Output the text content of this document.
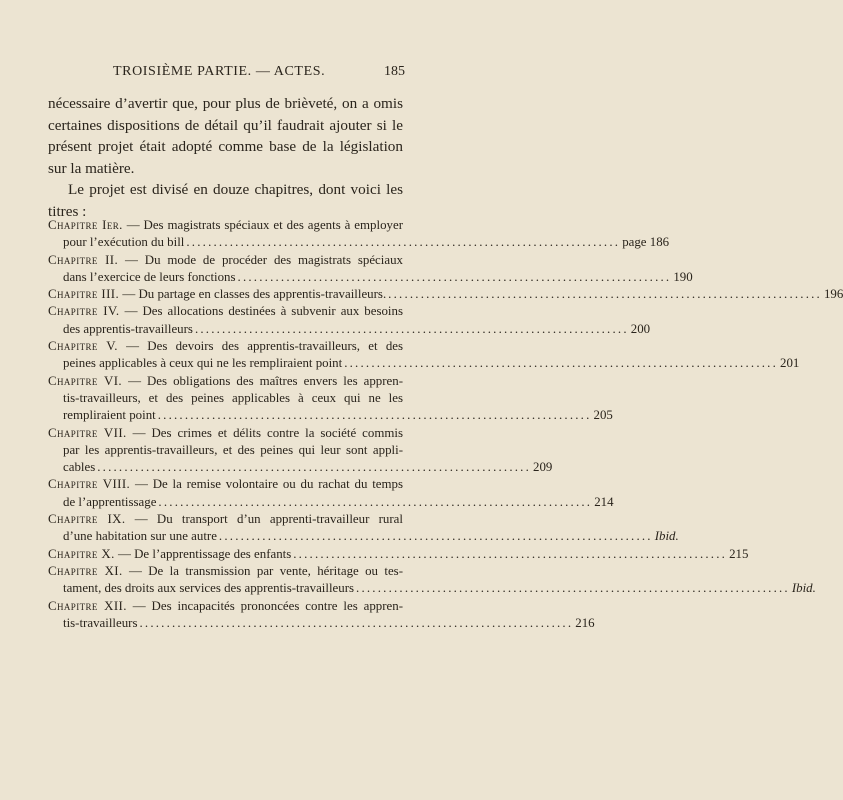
TROISIÈME PARTIE. — ACTES.	185

nécessaire d’avertir que, pour plus de brièveté, on a omis certaines dispositions de détail qu’il faudrait ajouter si le présent projet était adopté comme base de la législation sur la matière.

Le projet est divisé en douze chapitres, dont voici les titres :

Chapitre Ier. — Des magistrats spéciaux et des agents à employer
pour l’exécution du bill ................................................................................ page 186
Chapitre II. — Du mode de procéder des magistrats spéciaux
dans l’exercice de leurs fonctions ................................................................................ 190
Chapitre III. — Du partage en classes des apprentis-travailleurs. ................................................................................ 196
Chapitre IV. — Des allocations destinées à subvenir aux besoins
des apprentis-travailleurs ................................................................................ 200
Chapitre V. — Des devoirs des apprentis-travailleurs, et des
peines applicables à ceux qui ne les rempliraient point ................................................................................ 201
Chapitre VI. — Des obligations des maîtres envers les appren-
tis-travailleurs, et des peines applicables à ceux qui ne les
rempliraient point ................................................................................ 205
Chapitre VII. — Des crimes et délits contre la société commis
par les apprentis-travailleurs, et des peines qui leur sont appli-
cables ................................................................................ 209
Chapitre VIII. — De la remise volontaire ou du rachat du temps
de l’apprentissage ................................................................................ 214
Chapitre IX. — Du transport d’un apprenti-travailleur rural
d’une habitation sur une autre ................................................................................ Ibid.
Chapitre X. — De l’apprentissage des enfants ................................................................................ 215
Chapitre XI. — De la transmission par vente, héritage ou tes-
tament, des droits aux services des apprentis-travailleurs ................................................................................ Ibid.
Chapitre XII. — Des incapacités prononcées contre les appren-
tis-travailleurs ................................................................................ 216
